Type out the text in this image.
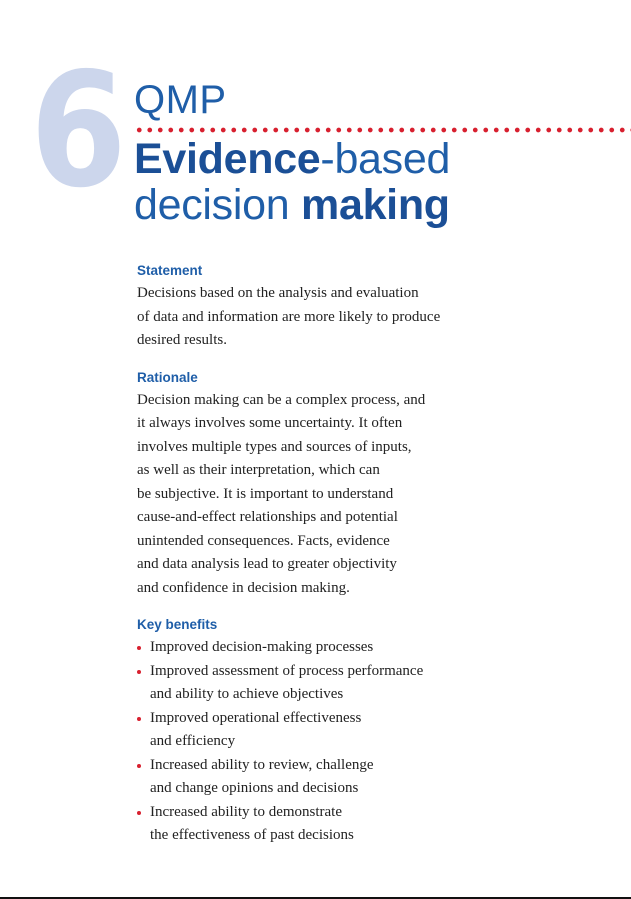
6 QMP
Evidence-based
decision making
Statement

Decisions based on the analysis and evaluation
of data and information are more likely to produce
desired results.

Rationale

Decision making can be a complex process, and
it always involves some uncertainty. It often
involves multiple types and sources of inputs,
as well as their interpretation, which can
be subjective. It is important to understand
cause-and-effect relationships and potential
unintended consequences. Facts, evidence
and data analysis lead to greater objectivity
and confidence in decision making.

Key benefits
Improved decision-making processes
Improved assessment of process performance
and ability to achieve objectives
Improved operational effectiveness
and efficiency
Increased ability to review, challenge
and change opinions and decisions
Increased ability to demonstrate
the effectiveness of past decisions
